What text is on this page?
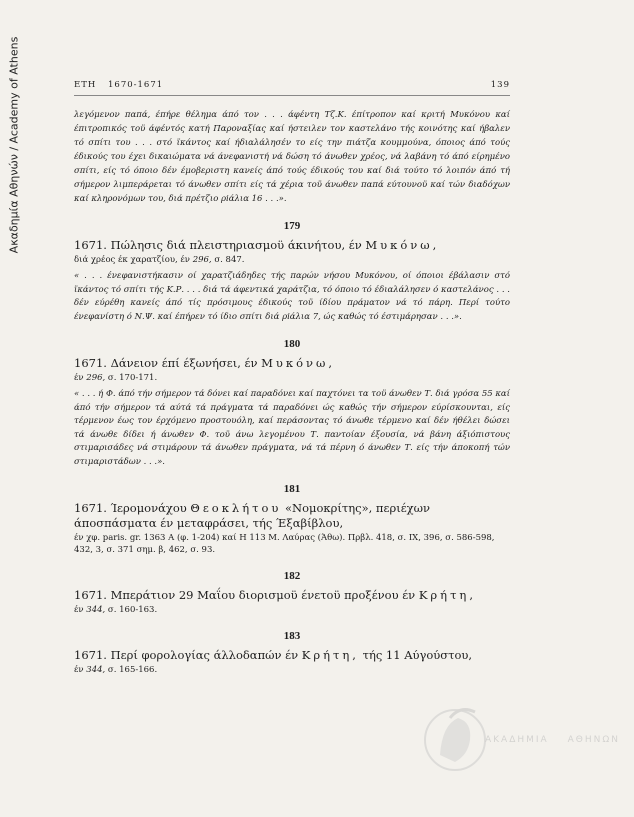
Ακαδημία Αθηνών / Academy of Athens	ΕΤΗ 1670-1671	139
λεγόμενον παπά, έπήρε θέλημα άπό τον . . . άφέντη Τζ.Κ. έπίτροπον καί κριτή Μυκόνου καί έπιτροπικός τοϋ άφέντός κατή Παροναξίας καί ήστειλεν τον καστελάνο τής κοινότης καί ήβαλεν τό σπίτι του . . . στό ϊκάντος καί ήδιαλάλησέν το είς την πιάτζα κουμμούνα, όποιος άπό τούς έδικούς του έχει δικαιώματα νά άνεφανιστή νά δώση τό άνωθεν χρέος, νά λαβάνη τό άπό είρημένο σπίτι, είς τό όποιο δέν έμοβεριστη κανείς άπό τούς έδικούς του καί διά τούτο τό λοιπόν άπό τή σήμερον λιμπεράρεται τό άνωθεν σπίτι είς τά χέρια τοϋ άνωθεν παπά εύτουνοϋ καί τών διαδόχων καί κληρονόμων του, διά πρέτζιο ρiάλια 16 . . .».
179
1671. Πώλησις διά πλειστηριασμοϋ άκινήτου, έν Μυκόνω,
διά χρέος έκ χαρατζίου, έν 296, σ. 847.
« . . . ένεφανιστήκασιν οί χαρατζιάδηδες τής παρών νήσου Μυκόνου, οί όποιοι έβάλασιν στό ϊκάντος τό σπίτι τής Κ.Ρ. . . . διά τά άφεντικά χαράτζια, τό όποιο τό έδιαλάλησεν ό καστελάνος . . . δέν εύρέθη κανείς άπό τίς πρόσιμους έδικούς τοϋ ίδίου πράματον νά τό πάρη. Περί τούτο ένεφανίστη ό Ν.Ψ. καί έπήρεν τό ίδιο σπίτι διά ρiάλια 7, ώς καθώς τό έστιμάρησαν . . .».
180
1671. Δάνειον έπί έξωνήσει, έν Μυκόνω,
έν 296, σ. 170-171.
« . . . ή Φ. άπό τήν σήμερον τά δόνει καί παραδόνει καί παχτόνει τα τοϋ άνωθεν Τ. διά γρόσα 55 καί άπό τήν σήμερον τά αύτά τά πράγματα τά παραδόνει ώς καθώς τήν σήμερον εύρίσκουνται, είς τέρμενον έως τον έρχόμενο προστουόλη, καί περάσοντας τό άνωθε τέρμενο καί δέν ήθέλει δώσει τά άνωθε δίδει ή άνωθεν Φ. τοϋ άνω λεγομένου Τ. παντοίαν έξουσία, νά βάνη άξιόπιστους στιμαρισάδες νά στιμάρουν τά άνωθεν πράγματα, νά τά πέρνη ό άνωθεν Τ. είς τήν άποκοπή τών στιμαριστάδων . . .».
181
1671. Ίερομονάχου Θεοκλήτου «Νομοκρίτης», περιέχων άποσπάσματα έν μεταφράσει, τής Έξαβίβλου,
έν χφ. paris. gr. 1363 A (φ. 1-204) καί H 113 M. Λαύρας (Άθω). Πρβλ. 418, σ. IX, 396, σ. 586-598, 432, 3, σ. 371 σημ. β, 462, σ. 93.
182
1671. Μπεράτιον 29 Μαΐου διορισμοϋ ένετοϋ προξένου έν Κρήτη,
έν 344, σ. 160-163.
183
1671. Περί φορολογίας άλλοδαπών έν Κρήτη, τής 11 Αύγούστου,
έν 344, σ. 165-166.
ΑΚΑΔΗΜΙΑ ΑΘΗΝΩΝ
